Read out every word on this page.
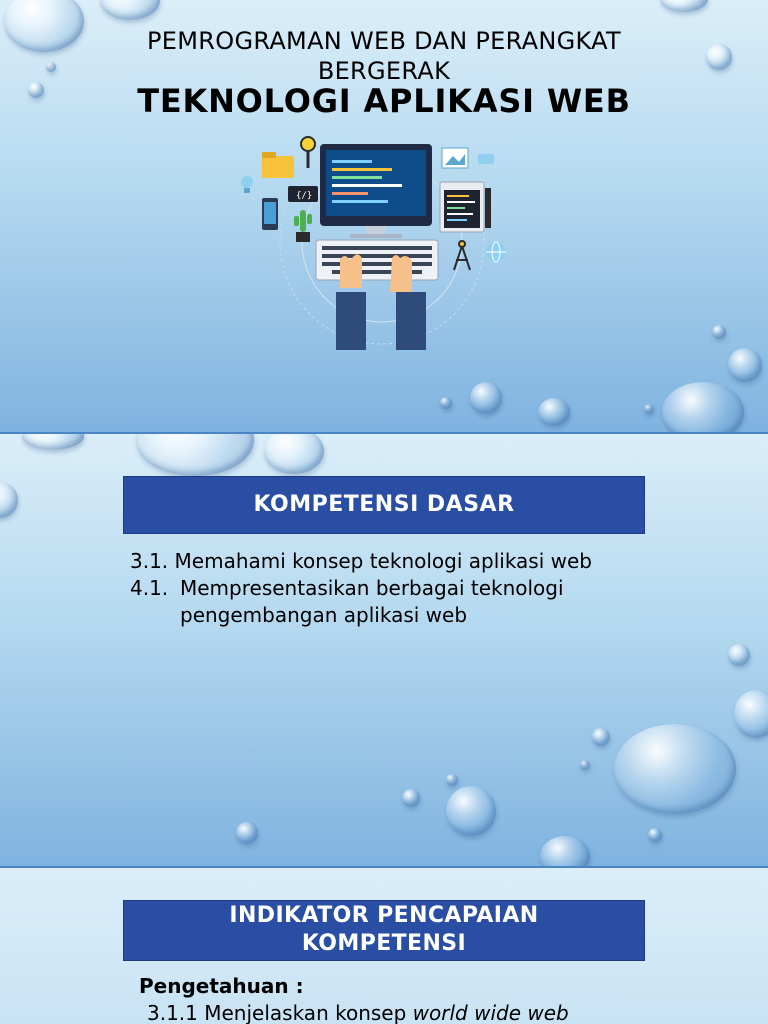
PEMROGRAMAN WEB DAN PERANGKAT BERGERAK
TEKNOLOGI APLIKASI WEB
{/}
KOMPETENSI DASAR
3.1. Memahami konsep teknologi aplikasi web
4.1. Mempresentasikan berbagai teknologi pengembangan aplikasi web
INDIKATOR PENCAPAIAN
KOMPETENSI
Pengetahuan :
3.1.1 Menjelaskan konsep world wide web
